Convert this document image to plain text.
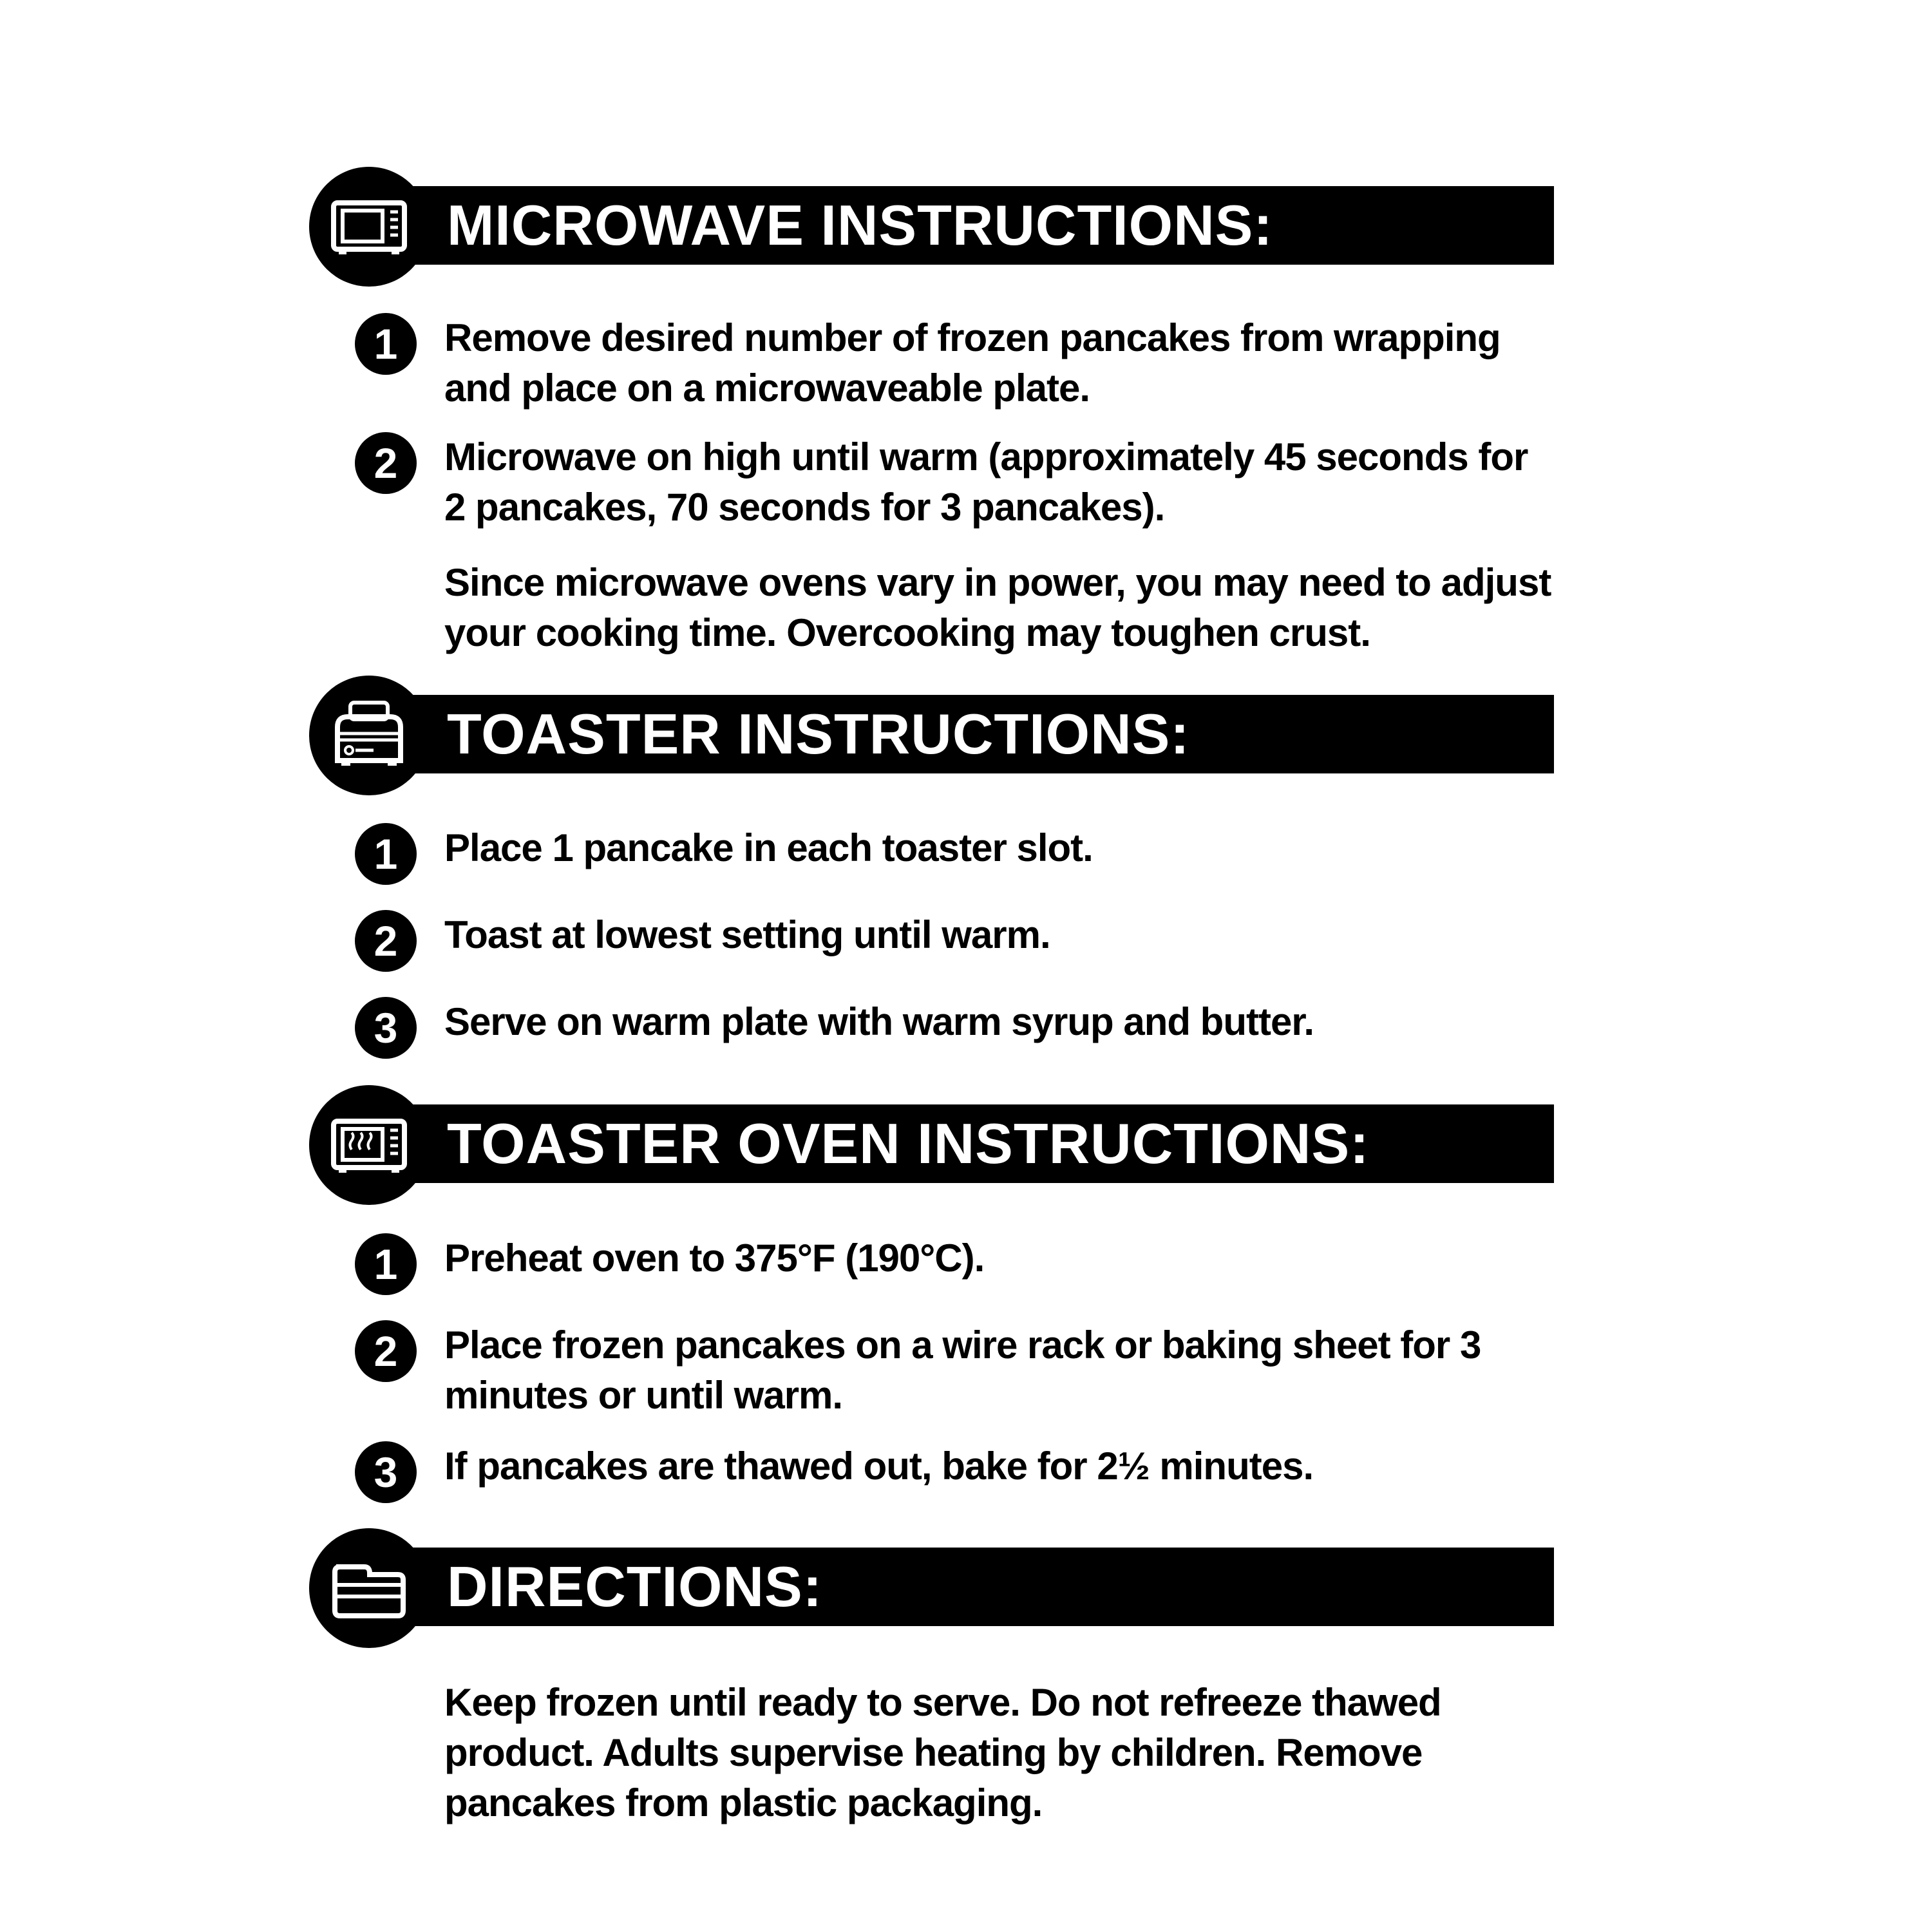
MICROWAVE INSTRUCTIONS:
1	Remove desired number of frozen pancakes from wrapping and place on a microwaveable plate.
2	Microwave on high until warm (approximately 45 seconds for 2 pancakes, 70 seconds for 3 pancakes).
Since microwave ovens vary in power, you may need to adjust your cooking time. Overcooking may toughen crust.
TOASTER INSTRUCTIONS:
1	Place 1 pancake in each toaster slot.
2	Toast at lowest setting until warm.
3	Serve on warm plate with warm syrup and butter.
TOASTER OVEN INSTRUCTIONS:
1	Preheat oven to 375°F (190°C).
2	Place frozen pancakes on a wire rack or baking sheet for 3 minutes or until warm.
3	If pancakes are thawed out, bake for 2½ minutes.
DIRECTIONS:
Keep frozen until ready to serve. Do not refreeze thawed product. Adults supervise heating by children. Remove pancakes from plastic packaging.
